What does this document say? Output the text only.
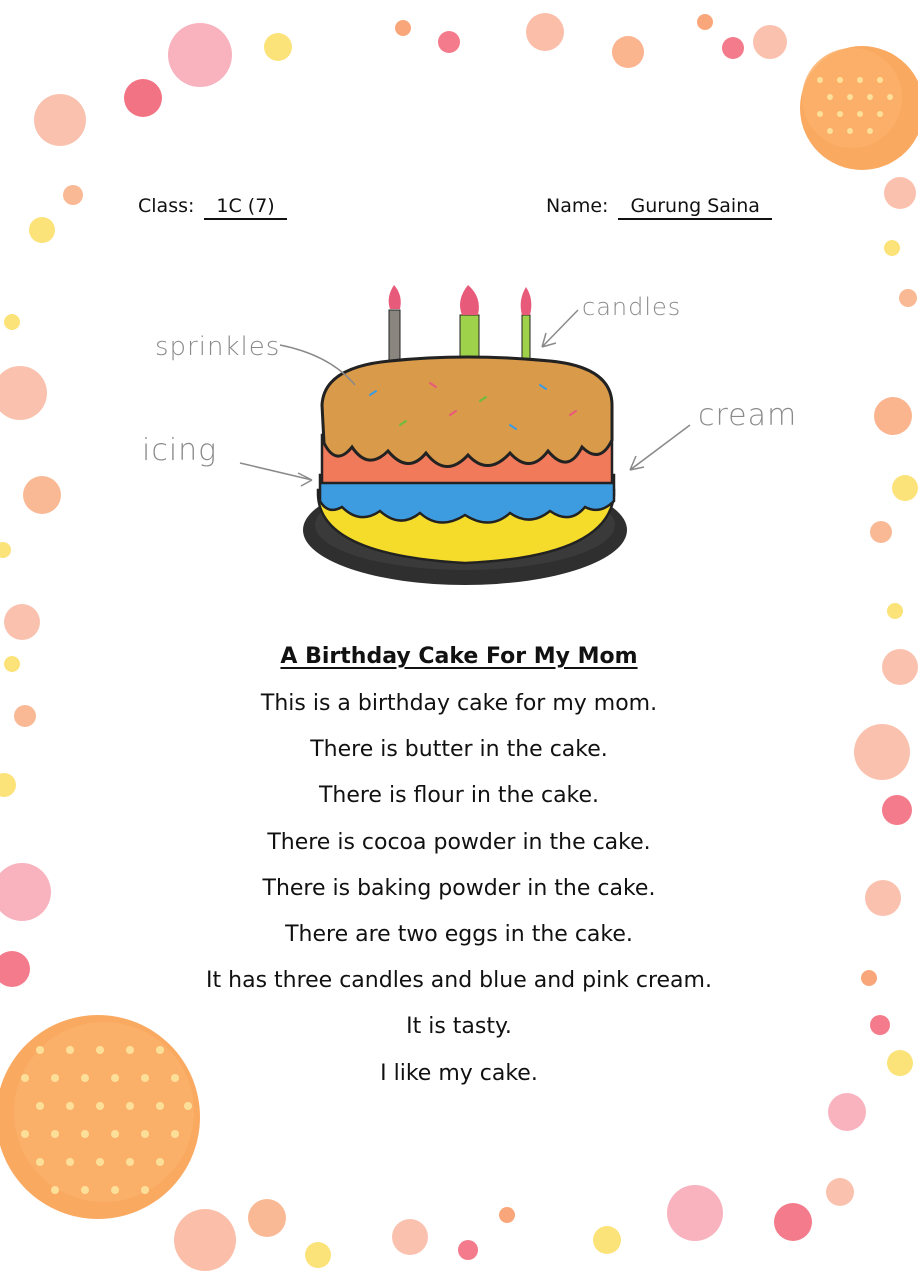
Class: 1C (7)	Name: Gurung Saina
sprinkles
candles
cream
icing
A Birthday Cake For My Mom
This is a birthday cake for my mom.
There is butter in the cake.
There is flour in the cake.
There is cocoa powder in the cake.
There is baking powder in the cake.
There are two eggs in the cake.
It has three candles and blue and pink cream.
It is tasty.
I like my cake.
